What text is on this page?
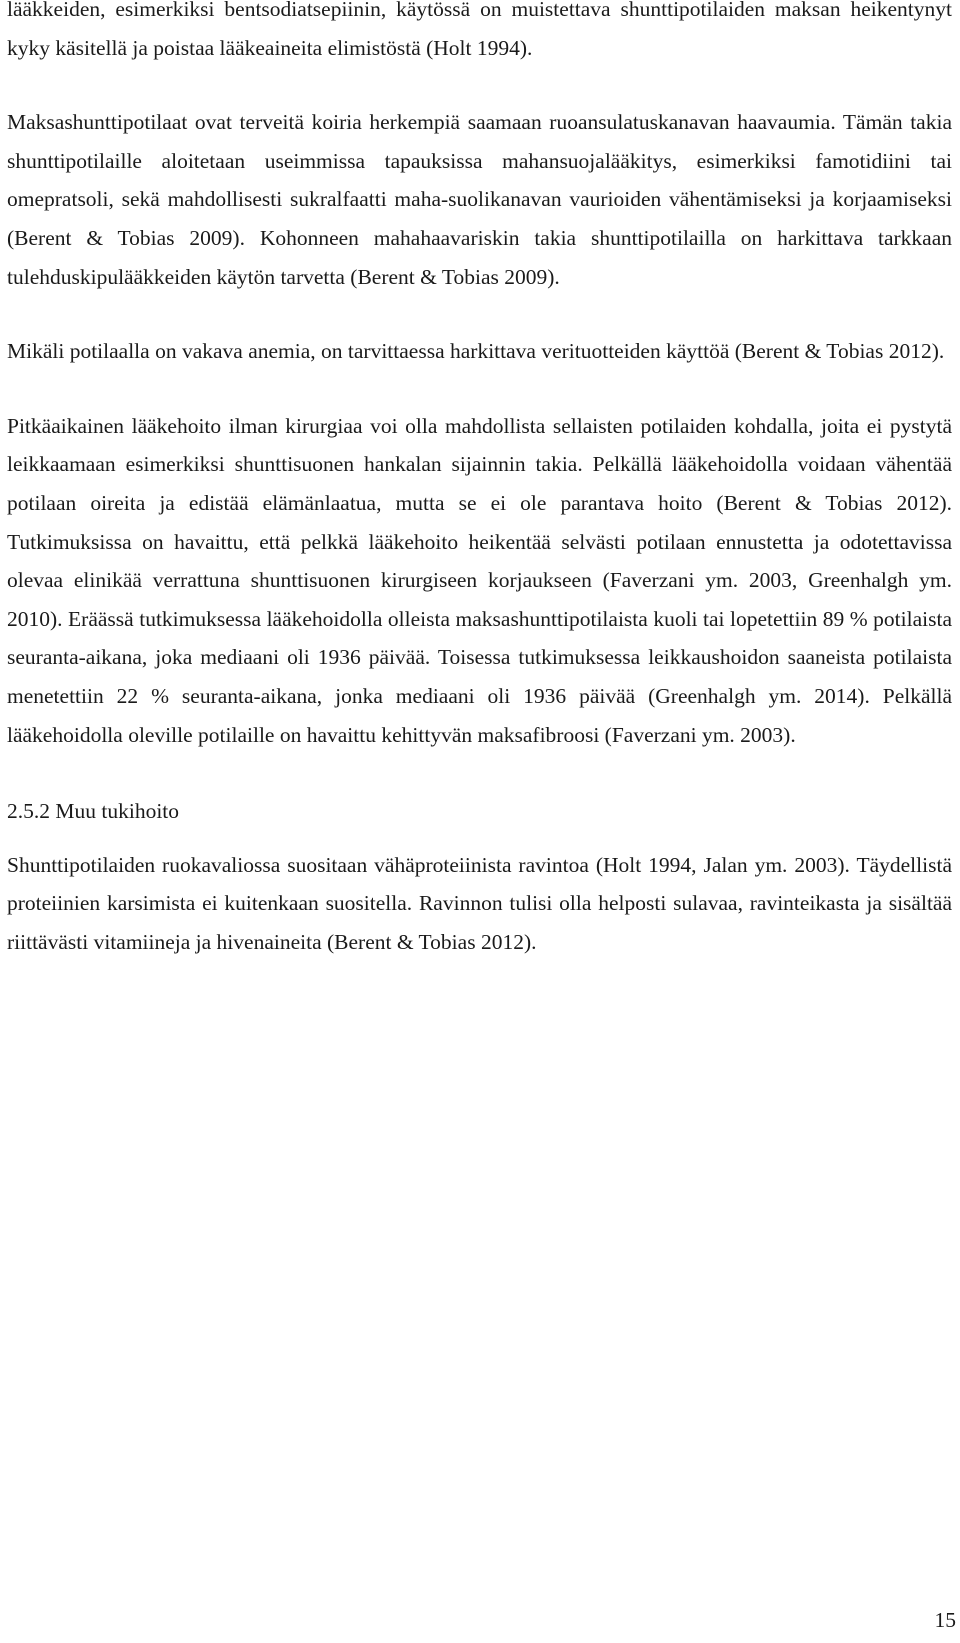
lääkkeiden, esimerkiksi bentsodiatsepiinin, käytössä on muistettava shunttipotilaiden maksan heikentynyt kyky käsitellä ja poistaa lääkeaineita elimistöstä (Holt 1994).

Maksashunttipotilaat ovat terveitä koiria herkempiä saamaan ruoansulatuskanavan haavaumia. Tämän takia shunttipotilaille aloitetaan useimmissa tapauksissa mahansuojalääkitys, esimerkiksi famotidiini tai omepratsoli, sekä mahdollisesti sukralfaatti maha-suolikanavan vaurioiden vähentämiseksi ja korjaamiseksi (Berent & Tobias 2009). Kohonneen mahahaavariskin takia shunttipotilailla on harkittava tarkkaan tulehduskipulääkkeiden käytön tarvetta (Berent & Tobias 2009).

Mikäli potilaalla on vakava anemia, on tarvittaessa harkittava verituotteiden käyttöä (Berent & Tobias 2012).

Pitkäaikainen lääkehoito ilman kirurgiaa voi olla mahdollista sellaisten potilaiden kohdalla, joita ei pystytä leikkaamaan esimerkiksi shunttisuonen hankalan sijainnin takia. Pelkällä lääkehoidolla voidaan vähentää potilaan oireita ja edistää elämänlaatua, mutta se ei ole parantava hoito (Berent & Tobias 2012). Tutkimuksissa on havaittu, että pelkkä lääkehoito heikentää selvästi potilaan ennustetta ja odotettavissa olevaa elinikää verrattuna shunttisuonen kirurgiseen korjaukseen (Faverzani ym. 2003, Greenhalgh ym. 2010). Eräässä tutkimuksessa lääkehoidolla olleista maksashunttipotilaista kuoli tai lopetettiin 89 % potilaista seuranta-aikana, joka mediaani oli 1936 päivää. Toisessa tutkimuksessa leikkaushoidon saaneista potilaista menetettiin 22 % seuranta-aikana, jonka mediaani oli 1936 päivää (Greenhalgh ym. 2014). Pelkällä lääkehoidolla oleville potilaille on havaittu kehittyvän maksafibroosi (Faverzani ym. 2003).

2.5.2 Muu tukihoito

Shunttipotilaiden ruokavaliossa suositaan vähäproteiinista ravintoa (Holt 1994, Jalan ym. 2003). Täydellistä proteiinien karsimista ei kuitenkaan suositella. Ravinnon tulisi olla helposti sulavaa, ravinteikasta ja sisältää riittävästi vitamiineja ja hivenaineita (Berent & Tobias 2012).

15
